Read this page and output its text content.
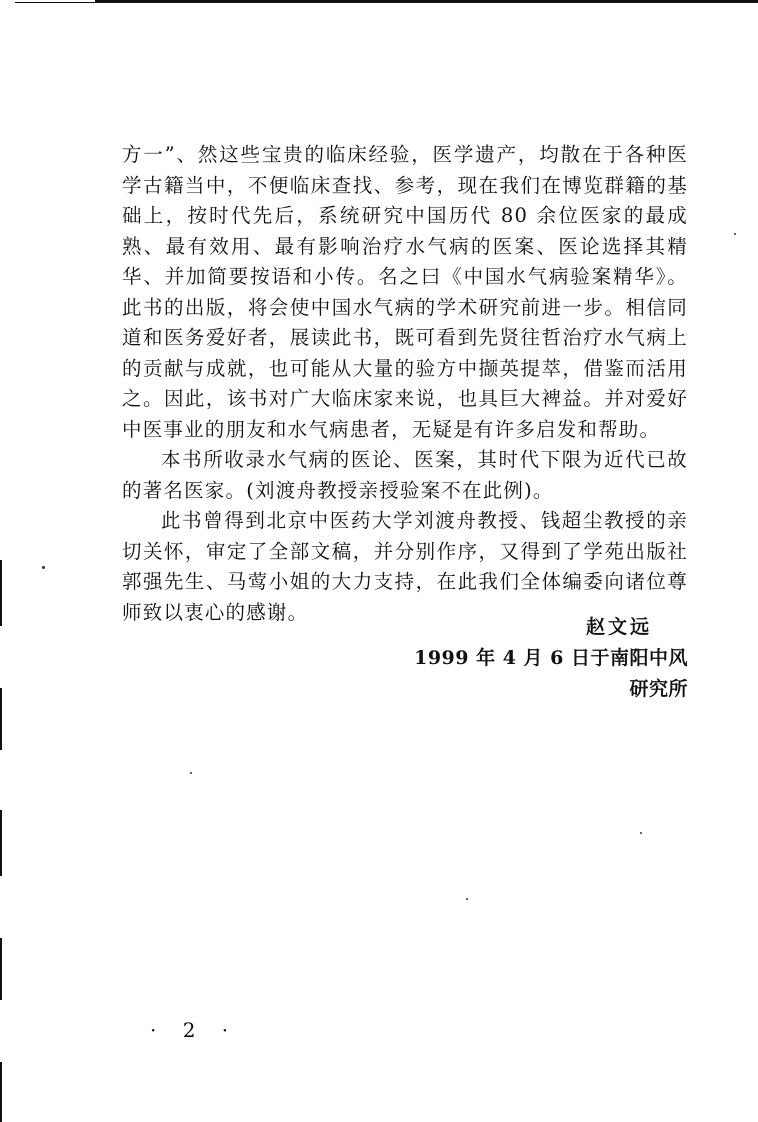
方一”、然这些宝贵的临床经验，医学遗产，均散在于各种医学古籍当中，不便临床查找、参考，现在我们在博览群籍的基础上，按时代先后，系统研究中国历代 80 余位医家的最成熟、最有效用、最有影响治疗水气病的医案、医论选择其精华、并加简要按语和小传。名之曰《中国水气病验案精华》。此书的出版，将会使中国水气病的学术研究前进一步。相信同道和医务爱好者，展读此书，既可看到先贤往哲治疗水气病上的贡献与成就，也可能从大量的验方中撷英提萃，借鉴而活用之。因此，该书对广大临床家来说，也具巨大裨益。并对爱好中医事业的朋友和水气病患者，无疑是有许多启发和帮助。

本书所收录水气病的医论、医案，其时代下限为近代已故的著名医家。(刘渡舟教授亲授验案不在此例)。

此书曾得到北京中医药大学刘渡舟教授、钱超尘教授的亲切关怀，审定了全部文稿，并分别作序，又得到了学苑出版社郭强先生、马莺小姐的大力支持，在此我们全体编委向诸位尊师致以衷心的感谢。

赵文远
1999 年 4 月 6 日于南阳中风研究所
· 2 ·
